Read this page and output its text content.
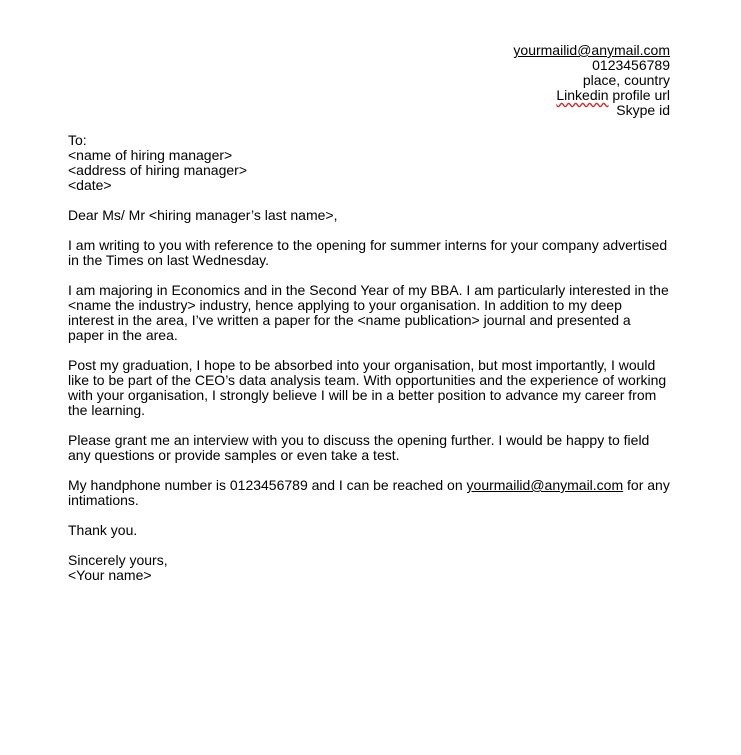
yourmailid@anymail.com
0123456789
place, country
Linkedin profile url
Skype id
To:
<name of hiring manager>
<address of hiring manager>
<date>

Dear Ms/ Mr <hiring manager’s last name>,

I am writing to you with reference to the opening for summer interns for your company advertised in the Times on last Wednesday.

I am majoring in Economics and in the Second Year of my BBA. I am particularly interested in the <name the industry> industry, hence applying to your organisation. In addition to my deep interest in the area, I’ve written a paper for the <name publication> journal and presented a paper in the area.

Post my graduation, I hope to be absorbed into your organisation, but most importantly, I would like to be part of the CEO’s data analysis team. With opportunities and the experience of working with your organisation, I strongly believe I will be in a better position to advance my career from the learning.

Please grant me an interview with you to discuss the opening further. I would be happy to field any questions or provide samples or even take a test.

My handphone number is 0123456789 and I can be reached on yourmailid@anymail.com for any intimations.

Thank you.

Sincerely yours,
<Your name>
